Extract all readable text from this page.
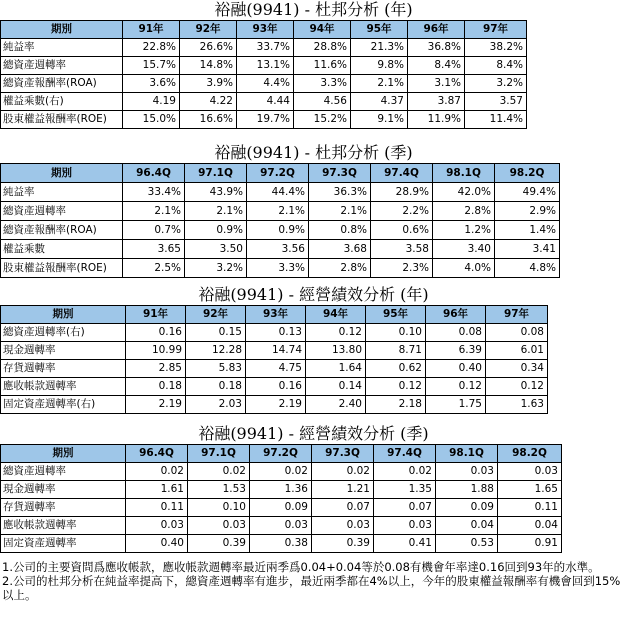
裕融(9941) - 杜邦分析 (年)
期別	91年	92年	93年	94年	95年	96年	97年
純益率	22.8%	26.6%	33.7%	28.8%	21.3%	36.8%	38.2%
總資產週轉率	15.7%	14.8%	13.1%	11.6%	9.8%	8.4%	8.4%
總資產報酬率(ROA)	3.6%	3.9%	4.4%	3.3%	2.1%	3.1%	3.2%
權益乘數(右)	4.19	4.22	4.44	4.56	4.37	3.87	3.57
股東權益報酬率(ROE)	15.0%	16.6%	19.7%	15.2%	9.1%	11.9%	11.4%
裕融(9941) - 杜邦分析 (季)
期別	96.4Q	97.1Q	97.2Q	97.3Q	97.4Q	98.1Q	98.2Q
純益率	33.4%	43.9%	44.4%	36.3%	28.9%	42.0%	49.4%
總資產週轉率	2.1%	2.1%	2.1%	2.1%	2.2%	2.8%	2.9%
總資產報酬率(ROA)	0.7%	0.9%	0.9%	0.8%	0.6%	1.2%	1.4%
權益乘數	3.65	3.50	3.56	3.68	3.58	3.40	3.41
股東權益報酬率(ROE)	2.5%	3.2%	3.3%	2.8%	2.3%	4.0%	4.8%
裕融(9941) - 經營績效分析 (年)
期別	91年	92年	93年	94年	95年	96年	97年
總資產週轉率(右)	0.16	0.15	0.13	0.12	0.10	0.08	0.08
現金週轉率	10.99	12.28	14.74	13.80	8.71	6.39	6.01
存貨週轉率	2.85	5.83	4.75	1.64	0.62	0.40	0.34
應收帳款週轉率	0.18	0.18	0.16	0.14	0.12	0.12	0.12
固定資產週轉率(右)	2.19	2.03	2.19	2.40	2.18	1.75	1.63
裕融(9941) - 經營績效分析 (季)
期別	96.4Q	97.1Q	97.2Q	97.3Q	97.4Q	98.1Q	98.2Q
總資產週轉率	0.02	0.02	0.02	0.02	0.02	0.03	0.03
現金週轉率	1.61	1.53	1.36	1.21	1.35	1.88	1.65
存貨週轉率	0.11	0.10	0.09	0.07	0.07	0.09	0.11
應收帳款週轉率	0.03	0.03	0.03	0.03	0.03	0.04	0.04
固定資產週轉率	0.40	0.39	0.38	0.39	0.41	0.53	0.91

1.公司的主要資問爲應收帳款，應收帳款週轉率最近兩季爲0.04+0.04等於0.08有機會年率達0.16回到93年的水準。

2.公司的杜邦分析在純益率提高下，總資產週轉率有進步，最近兩季都在4%以上，今年的股東權益報酬率有機會回到15%以上。
